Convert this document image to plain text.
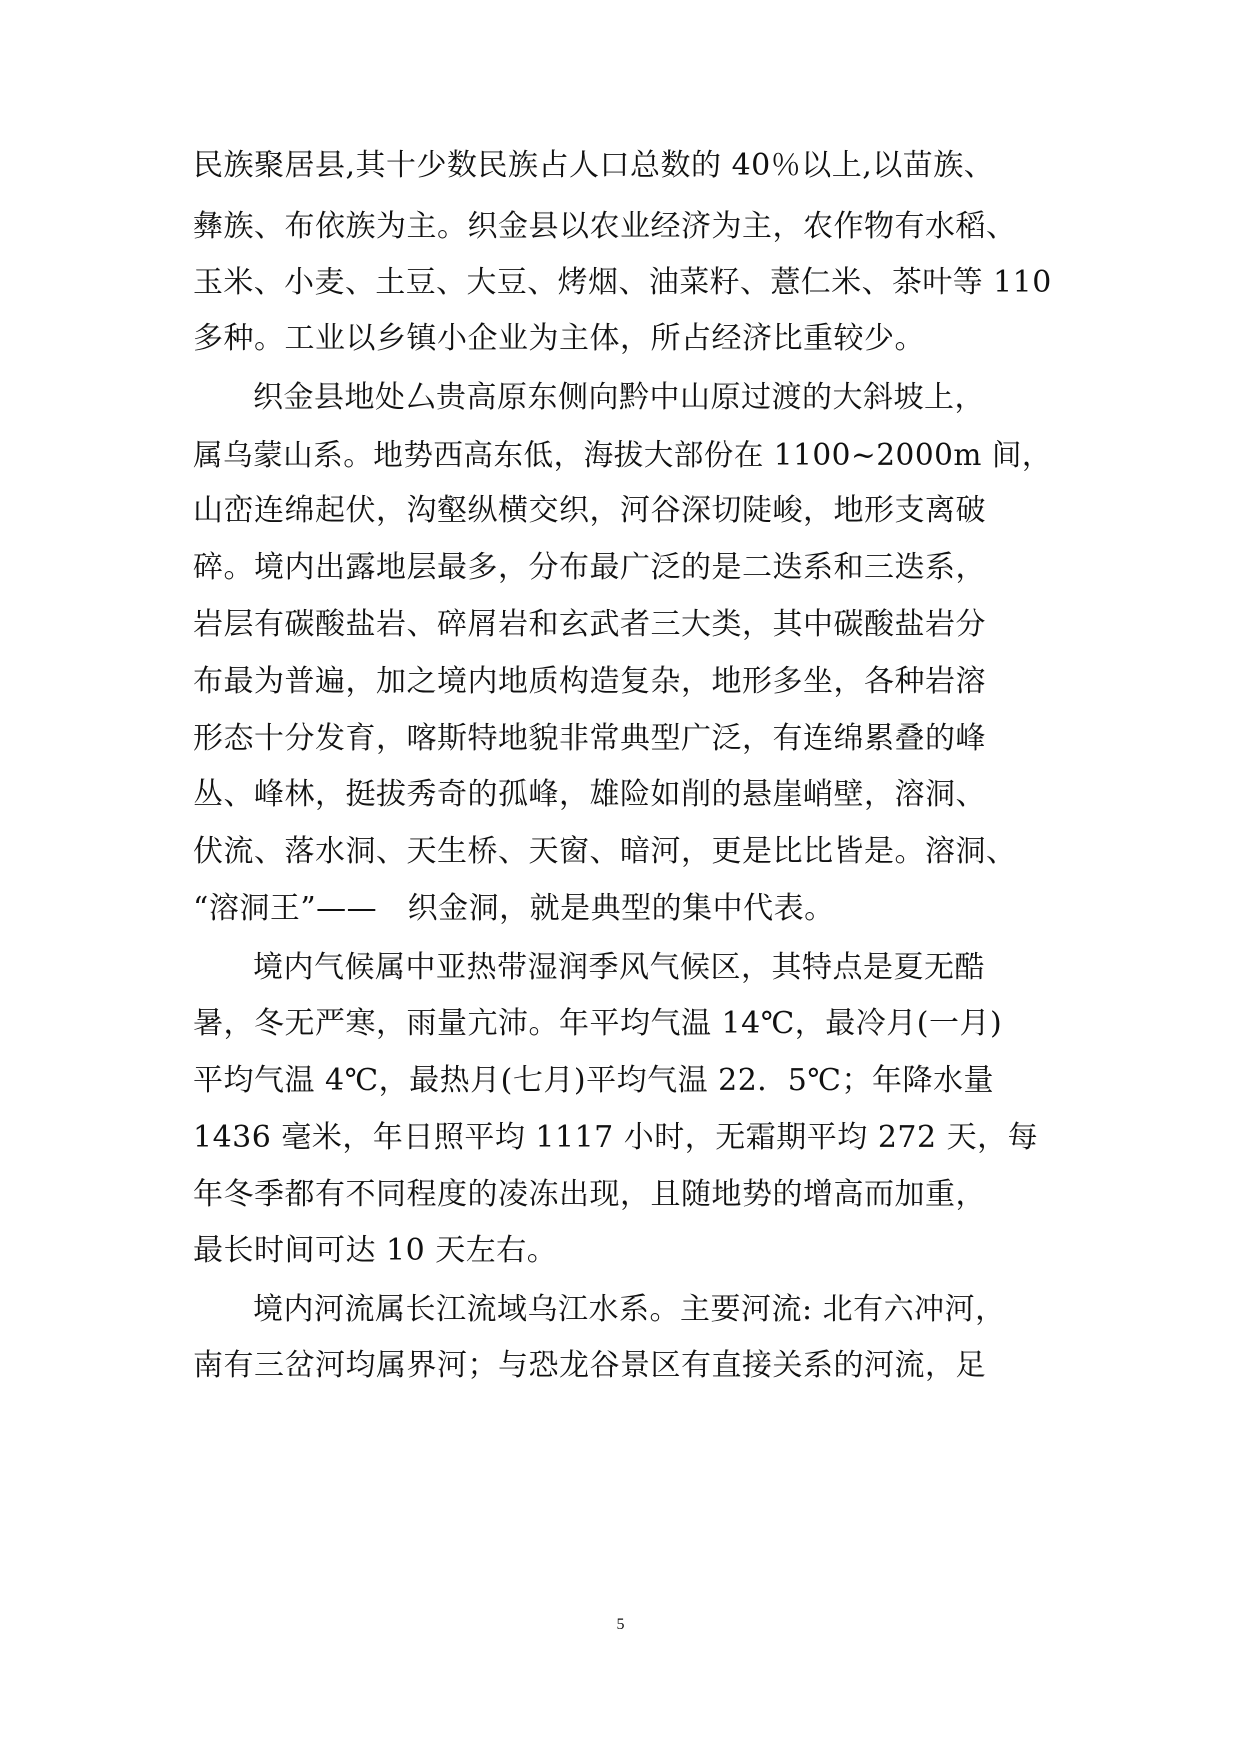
民族聚居县,其十少数民族占人口总数的 40％以上,以苗族、
彝族、布依族为主。织金县以农业经济为主，农作物有水稻、
玉米、小麦、土豆、大豆、烤烟、油菜籽、薏仁米、茶叶等 110
多种。工业以乡镇小企业为主体，所占经济比重较少。
织金县地处厶贵高原东侧向黔中山原过渡的大斜坡上，
属乌蒙山系。地势西高东低，海拔大部份在 1100~2000m 间，
山峦连绵起伏，沟壑纵横交织，河谷深切陡峻，地形支离破
碎。境内出露地层最多，分布最广泛的是二迭系和三迭系，
岩层有碳酸盐岩、碎屑岩和玄武者三大类，其中碳酸盐岩分
布最为普遍，加之境内地质构造复杂，地形多坐，各种岩溶
形态十分发育，喀斯特地貌非常典型广泛，有连绵累叠的峰
丛、峰林，挺拔秀奇的孤峰，雄险如削的悬崖峭壁，溶洞、
伏流、落水洞、天生桥、天窗、暗河，更是比比皆是。溶洞、
“溶洞王”——　织金洞，就是典型的集中代表。
境内气候属中亚热带湿润季风气候区，其特点是夏无酷
暑，冬无严寒，雨量亢沛。年平均气温 14℃，最冷月(一月)
平均气温 4℃，最热月(七月)平均气温 22．5℃；年降水量
1436 毫米，年日照平均 1117 小时，无霜期平均 272 天，每
年冬季都有不同程度的凌冻出现，且随地势的增高而加重，
最长时间可达 10 天左右。
境内河流属长江流域乌江水系。主要河流: 北有六冲河，
南有三岔河均属界河；与恐龙谷景区有直接关系的河流，足
5
